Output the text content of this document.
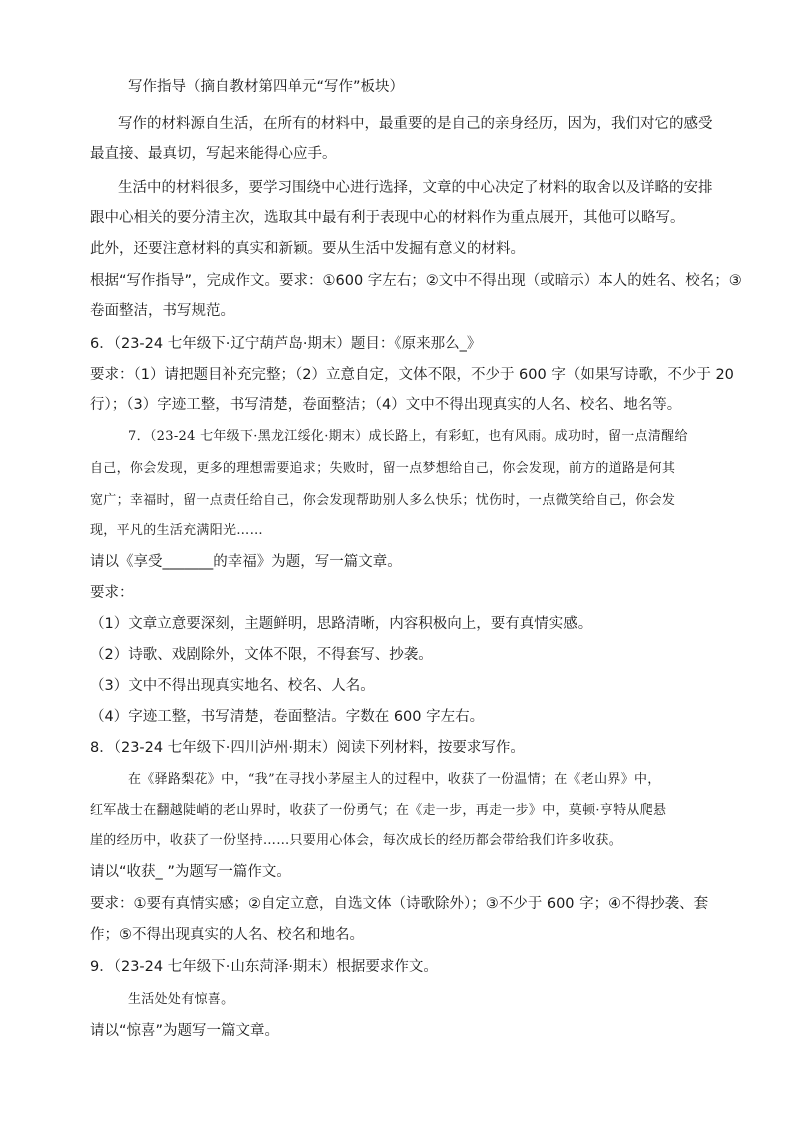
写作指导（摘自教材第四单元“写作”板块）
写作的材料源自生活，在所有的材料中，最重要的是自己的亲身经历，因为，我们对它的感受
最直接、最真切，写起来能得心应手。
生活中的材料很多，要学习围绕中心进行选择，文章的中心决定了材料的取舍以及详略的安排
跟中心相关的要分清主次，选取其中最有利于表现中心的材料作为重点展开，其他可以略写。
此外，还要注意材料的真实和新颖。要从生活中发掘有意义的材料。
根据“写作指导”，完成作文。要求：①600 字左右；②文中不得出现（或暗示）本人的姓名、校名；③
卷面整洁，书写规范。
6．（23-24 七年级下·辽宁葫芦岛·期末）题目：《原来那么_》
要求：（1）请把题目补充完整；（2）立意自定，文体不限，不少于 600 字（如果写诗歌，不少于 20
行）；（3）字迹工整，书写清楚，卷面整洁；（4）文中不得出现真实的人名、校名、地名等。
7．（23-24 七年级下·黑龙江绥化·期末）成长路上，有彩虹，也有风雨。成功时，留一点清醒给
自己，你会发现，更多的理想需要追求；失败时，留一点梦想给自己，你会发现，前方的道路是何其
宽广；幸福时，留一点责任给自己，你会发现帮助别人多么快乐；忧伤时，一点微笑给自己，你会发
现，平凡的生活充满阳光……
请以《享受_______的幸福》为题，写一篇文章。
要求：
（1）文章立意要深刻，主题鲜明，思路清晰，内容积极向上，要有真情实感。
（2）诗歌、戏剧除外，文体不限，不得套写、抄袭。
（3）文中不得出现真实地名、校名、人名。
（4）字迹工整，书写清楚，卷面整洁。字数在 600 字左右。
8．（23-24 七年级下·四川泸州·期末）阅读下列材料，按要求写作。
在《驿路梨花》中，“我”在寻找小茅屋主人的过程中，收获了一份温情；在《老山界》中，
红军战士在翻越陡峭的老山界时，收获了一份勇气；在《走一步，再走一步》中，莫顿·亨特从爬悬
崖的经历中，收获了一份坚持……只要用心体会，每次成长的经历都会带给我们许多收获。
请以“收获_ ”为题写一篇作文。
要求：①要有真情实感；②自定立意，自选文体（诗歌除外）；③不少于 600 字；④不得抄袭、套
作；⑤不得出现真实的人名、校名和地名。
9．（23-24 七年级下·山东菏泽·期末）根据要求作文。
生活处处有惊喜。
请以“惊喜”为题写一篇文章。
